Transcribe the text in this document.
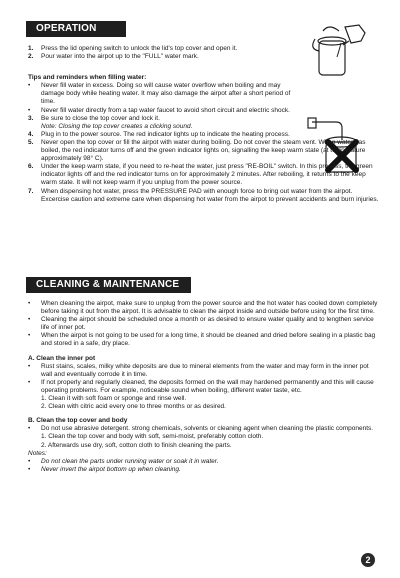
OPERATION
1.	Press the lid opening switch to unlock the lid's top cover and open it.
2.	Pour water into the airpot up to the "FULL" water mark.
Tips and reminders when filling water:
•	Never fill water in excess. Doing so will cause water overflow when boiling and may damage body while heating water. It may also damage the airpot after a short period of time.
•	Never fill water directly from a tap water faucet to avoid short circuit and electric shock.
3.	Be sure to close the top cover and lock it.
Note: Closing the top cover creates a clicking sound.
4.	Plug in to the power source. The red indicator lights up to indicate the heating process.
5.	Never open the top cover or fill the airpot with water during boiling. Do not cover the steam vent. When water has boiled, the red indicator turns off and the green indicator lights on, signalling the keep warm state (at temperature approximately 98° C).
6.	Under the keep warm state, if you need to re-heat the water, just press "RE-BOIL" switch. In this process, the green indicator lights off and the red indicator turns on for approximately 2 minutes. After reboiling, it returns to the keep warm state. It will not keep warm if you unplug from the power source.
7.	When dispensing hot water, press the PRESSURE PAD with enough force to bring out water from the airpot. Excercise caution and extreme care when dispensing hot water from the airpot to prevent accidents and burn injuries.
CLEANING & MAINTENANCE
•	When cleaning the airpot, make sure to unplug from the power source and the hot water has cooled down completely before taking it out from the airpot. It is advisable to clean the airpot inside and outside before using for the first time.
•	Cleaning the airpot should be scheduled once a month or as desired to ensure water quality and to lengthen service life of inner pot.
•	When the airpot is not going to be used for a long time, it should be cleaned and dried before sealing in a plastic bag and stored in a safe, dry place.
A. Clean the inner pot
•	Rust stains, scales, milky white deposits are due to mineral elements from the water and may form in the inner pot wall and eventually corrode it in time.
•	If not properly and regularly cleaned, the deposits formed on the wall may hardened permanently and this will cause operating problems. For example, noticeable sound when boiling, different water taste, etc.
1. Clean it with soft foam or sponge and rinse well.
2. Clean with citric acid every one to three months or as desired.
B. Clean the top cover and body
•	Do not use abrasive detergent. strong chemicals, solvents or cleaning agent when cleaning the plastic components.
1. Clean the top cover and body with soft, semi-moist, preferably cotton cloth.
2. Afterwards use dry, soft, cotton cloth to finish cleaning the parts.
Notes:
•	Do not clean the parts under running water or soak it in water.
•	Never invert the airpot bottom up when cleaning.
2
